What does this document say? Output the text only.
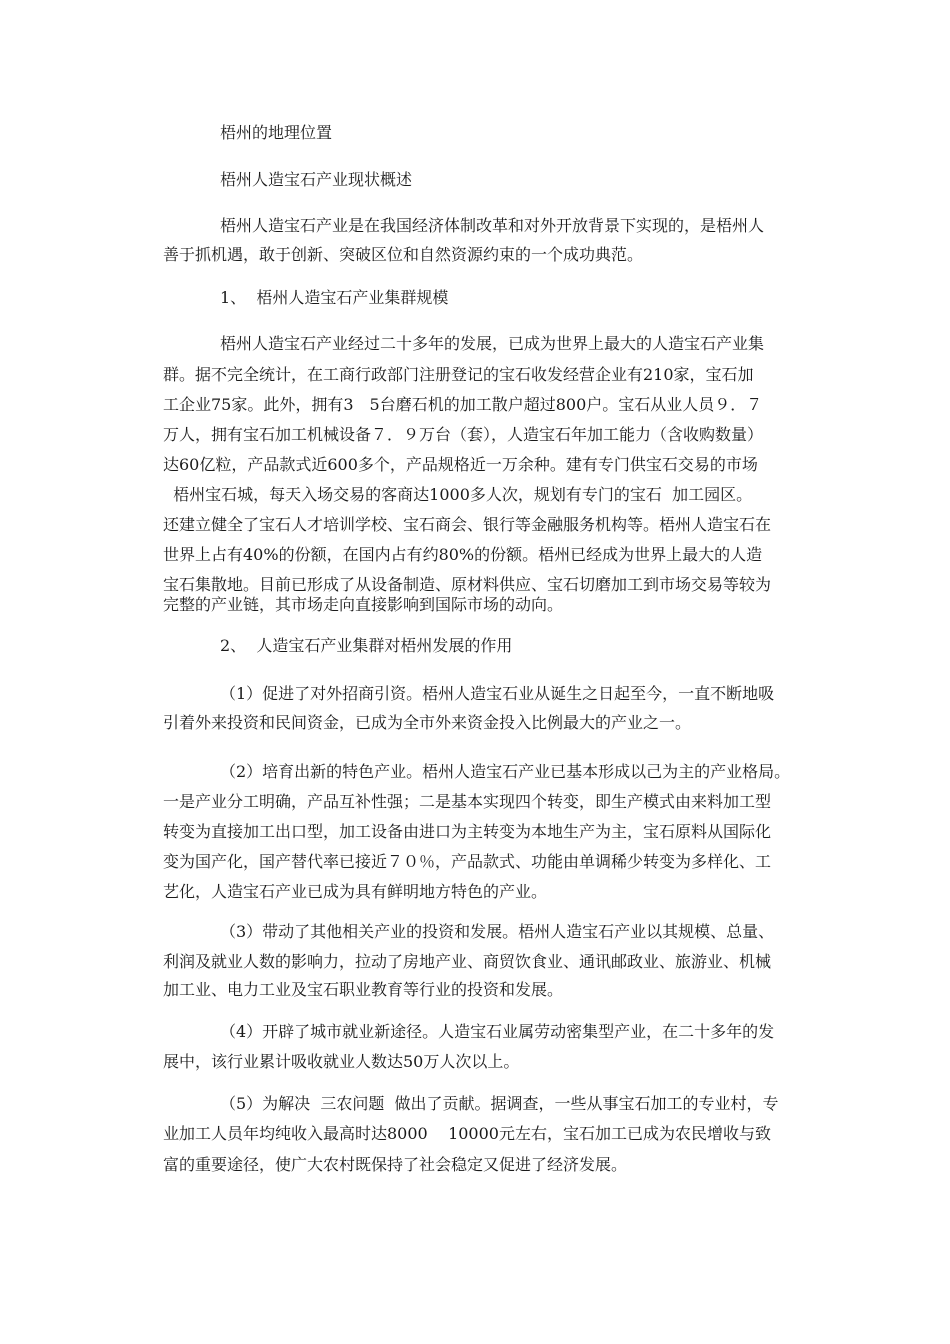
梧州的地理位置
梧州人造宝石产业现状概述
梧州人造宝石产业是在我国经济体制改革和对外开放背景下实现的，是梧州人
善于抓机遇，敢于创新、突破区位和自然资源约束的一个成功典范。
1、  梧州人造宝石产业集群规模
梧州人造宝石产业经过二十多年的发展，已成为世界上最大的人造宝石产业集
群。据不完全统计，在工商行政部门注册登记的宝石收发经营企业有210家，宝石加
工企业75家。此外，拥有3　5台磨石机的加工散户超过800户。宝石从业人员９．７
万人，拥有宝石加工机械设备７．９万台（套），人造宝石年加工能力（含收购数量）
达60亿粒，产品款式近600多个，产品规格近一万余种。建有专门供宝石交易的市场
梧州宝石城，每天入场交易的客商达1000多人次，规划有专门的宝石  加工园区。
还建立健全了宝石人才培训学校、宝石商会、银行等金融服务机构等。梧州人造宝石在
世界上占有40%的份额，在国内占有约80%的份额。梧州已经成为世界上最大的人造
宝石集散地。目前已形成了从设备制造、原材料供应、宝石切磨加工到市场交易等较为
完整的产业链，其市场走向直接影响到国际市场的动向。
2、  人造宝石产业集群对梧州发展的作用
（1）促进了对外招商引资。梧州人造宝石业从诞生之日起至今，一直不断地吸
引着外来投资和民间资金，已成为全市外来资金投入比例最大的产业之一。
（2）培育出新的特色产业。梧州人造宝石产业已基本形成以己为主的产业格局。
一是产业分工明确，产品互补性强；二是基本实现四个转变，即生产模式由来料加工型
转变为直接加工出口型，加工设备由进口为主转变为本地生产为主，宝石原料从国际化
变为国产化，国产替代率已接近７０％，产品款式、功能由单调稀少转变为多样化、工
艺化，人造宝石产业已成为具有鲜明地方特色的产业。
（3）带动了其他相关产业的投资和发展。梧州人造宝石产业以其规模、总量、
利润及就业人数的影响力，拉动了房地产业、商贸饮食业、通讯邮政业、旅游业、机械
加工业、电力工业及宝石职业教育等行业的投资和发展。
（4）开辟了城市就业新途径。人造宝石业属劳动密集型产业，在二十多年的发
展中，该行业累计吸收就业人数达50万人次以上。
（5）为解决  三农问题  做出了贡献。据调查，一些从事宝石加工的专业村，专
业加工人员年均纯收入最高时达8000    10000元左右，宝石加工已成为农民增收与致
富的重要途径，使广大农村既保持了社会稳定又促进了经济发展。
